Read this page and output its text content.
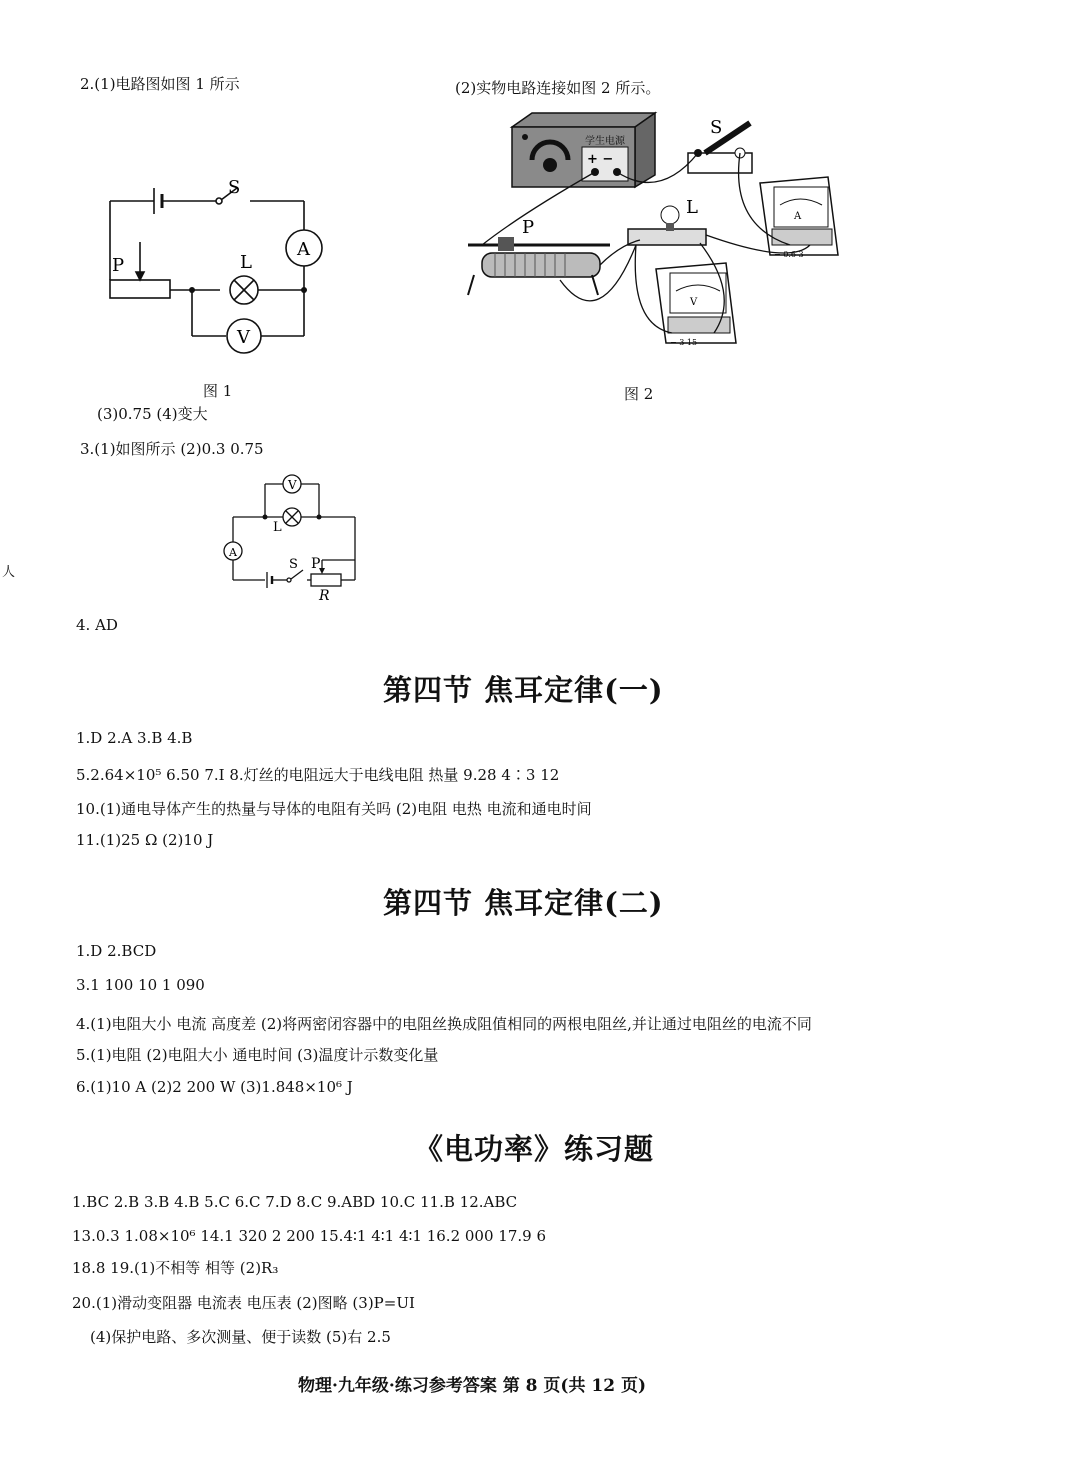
2.(1)电路图如图 1 所示	(2)实物电路连接如图 2 所示。
S
P	L
A
V
图 1
学生电源
+ −
S
A
− 0.6 3
P
L
V
− 3 15
图 2
(3)0.75 (4)变大
3.(1)如图所示 (2)0.3 0.75
V
A
L
S P
R
人
4. AD
第四节 焦耳定律(一)
1.D 2.A 3.B 4.B
5.2.64×10⁵ 6.50 7.I 8.灯丝的电阻远大于电线电阻 热量 9.28 4∶3 12
10.(1)通电导体产生的热量与导体的电阻有关吗 (2)电阻 电热 电流和通电时间
11.(1)25 Ω (2)10 J
第四节 焦耳定律(二)
1.D 2.BCD
3.1 100 10 1 090
4.(1)电阻大小 电流 高度差 (2)将两密闭容器中的电阻丝换成阻值相同的两根电阻丝,并让通过电阻丝的电流不同
5.(1)电阻 (2)电阻大小 通电时间 (3)温度计示数变化量
6.(1)10 A (2)2 200 W (3)1.848×10⁶ J
《电功率》练习题
1.BC 2.B 3.B 4.B 5.C 6.C 7.D 8.C 9.ABD 10.C 11.B 12.ABC
13.0.3 1.08×10⁶ 14.1 320 2 200 15.4∶1 4∶1 4∶1 16.2 000 17.9 6
18.8 19.(1)不相等 相等 (2)R₃
20.(1)滑动变阻器 电流表 电压表 (2)图略 (3)P=UI
(4)保护电路、多次测量、便于读数 (5)右 2.5
物理·九年级·练习参考答案 第 8 页(共 12 页)
